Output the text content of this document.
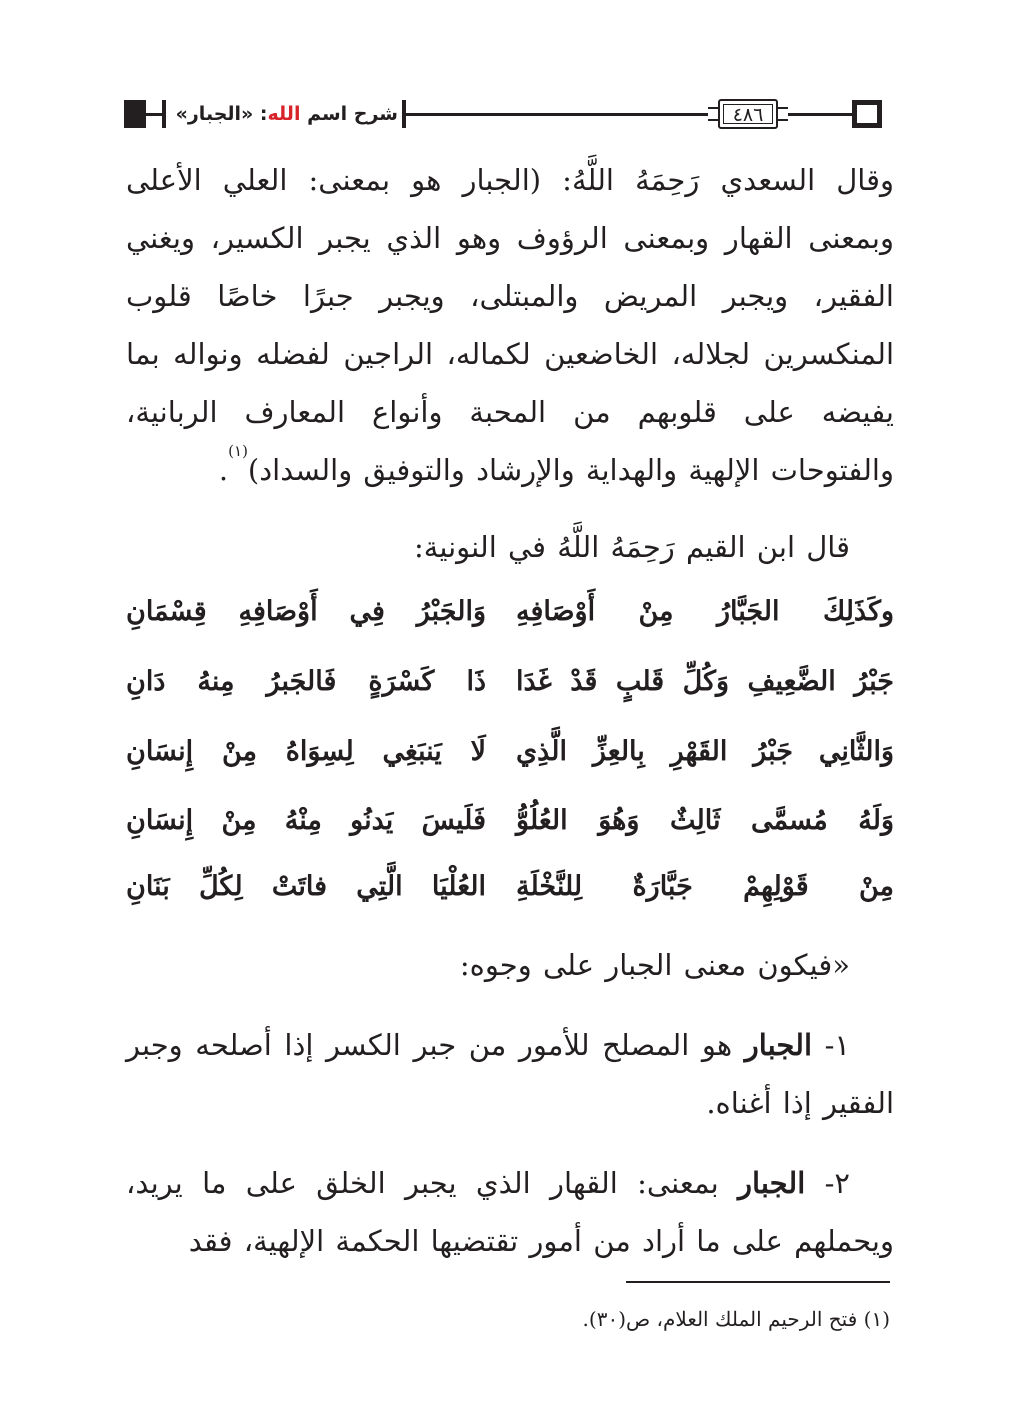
شرح اسم الله: «الجبار»	٤٨٦
وقال السعدي رَحِمَهُ اللَّهُ: (الجبار هو بمعنى: العلي الأعلى وبمعنى القهار وبمعنى الرؤوف وهو الذي يجبر الكسير، ويغني الفقير، ويجبر المريض والمبتلى، ويجبر جبرًا خاصًا قلوب المنكسرين لجلاله، الخاضعين لكماله، الراجين لفضله ونواله بما يفيضه على قلوبهم من المحبة وأنواع المعارف الربانية، والفتوحات الإلهية والهداية والإرشاد والتوفيق والسداد)$^{(١)}$.
قال ابن القيم رَحِمَهُ اللَّهُ في النونية:
وكَذَلِكَ الجَبَّارُ مِنْ أَوْصَافِهِ
وَالجَبْرُ فِي أَوْصَافِهِ قِسْمَانِ
جَبْرُ الضَّعِيفِ وَكُلِّ قَلبٍ قَدْ غَدَا
ذَا كَسْرَةٍ فَالجَبرُ مِنهُ دَانِ
وَالثَّانِي جَبْرُ القَهْرِ بِالعِزِّ الَّذِي
لَا يَنبَغِي لِسِوَاهُ مِنْ إِنسَانِ
وَلَهُ مُسمَّى ثَالِثٌ وَهُوَ العُلُوُّ
فَلَيسَ يَدنُو مِنْهُ مِنْ إِنسَانِ
مِنْ قَوْلِهِمْ جَبَّارَةٌ لِلنَّخْلَةِ
العُلْيَا الَّتِي فاتَتْ لِكُلِّ بَنَانِ
«فيكون معنى الجبار على وجوه:
١- الجبار هو المصلح للأمور من جبر الكسر إذا أصلحه وجبر الفقير إذا أغناه.
٢- الجبار بمعنى: القهار الذي يجبر الخلق على ما يريد، ويحملهم على ما أراد من أمور تقتضيها الحكمة الإلهية، فقد
(١) فتح الرحيم الملك العلام، ص(٣٠).
